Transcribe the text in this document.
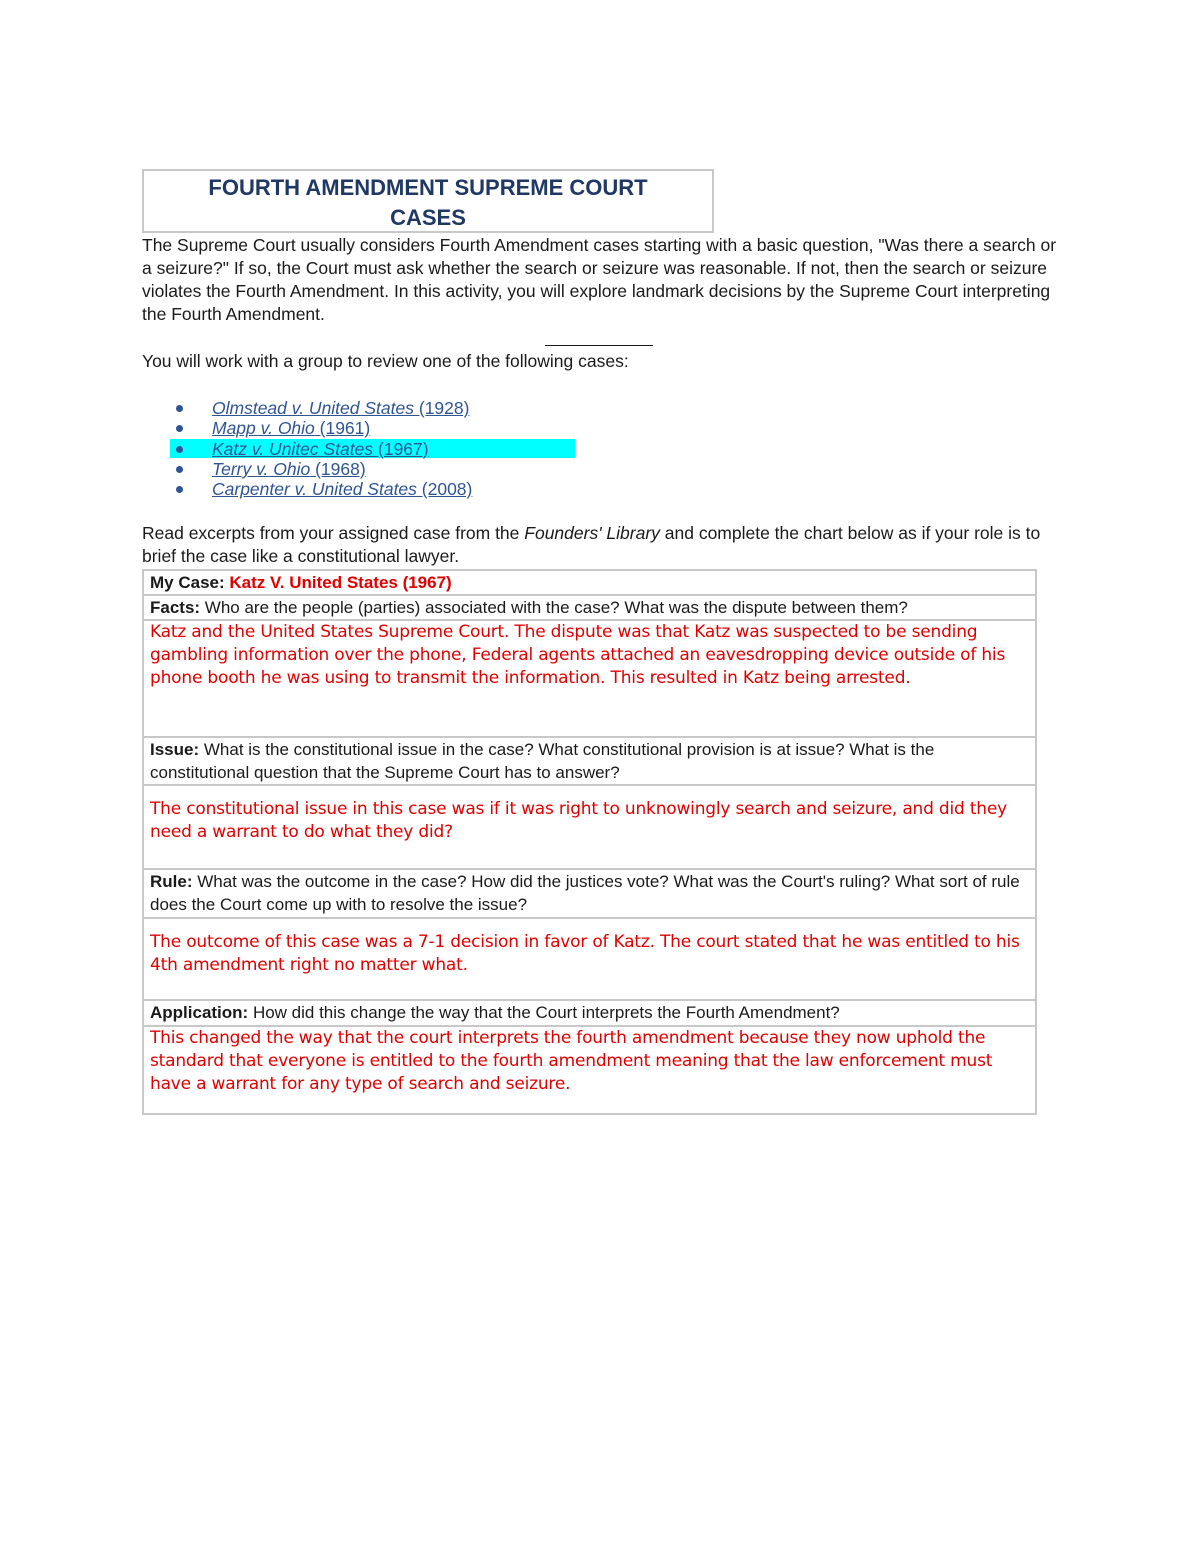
FOURTH AMENDMENT SUPREME COURT
CASES

The Supreme Court usually considers Fourth Amendment cases starting with a basic question, "Was there a search or a seizure?" If so, the Court must ask whether the search or seizure was reasonable. If not, then the search or seizure violates the Fourth Amendment. In this activity, you will explore landmark decisions by the Supreme Court interpreting the Fourth Amendment.

You will work with a group to review one of the following cases:

Olmstead v. United States (1928)
Mapp v. Ohio (1961)
Katz v. Unitec States (1967)
Terry v. Ohio (1968)
Carpenter v. United States (2008)

Read excerpts from your assigned case from the Founders' Library and complete the chart below as if your role is to brief the case like a constitutional lawyer.

My Case: Katz V. United States (1967)
Facts: Who are the people (parties) associated with the case? What was the dispute between them?
Katz and the United States Supreme Court. The dispute was that Katz was suspected to be sending gambling information over the phone, Federal agents attached an eavesdropping device outside of his phone booth he was using to transmit the information. This resulted in Katz being arrested.
Issue: What is the constitutional issue in the case? What constitutional provision is at issue? What is the constitutional question that the Supreme Court has to answer?
The constitutional issue in this case was if it was right to unknowingly search and seizure, and did they need a warrant to do what they did?
Rule: What was the outcome in the case? How did the justices vote? What was the Court's ruling? What sort of rule does the Court come up with to resolve the issue?
The outcome of this case was a 7-1 decision in favor of Katz. The court stated that he was entitled to his 4th amendment right no matter what.
Application: How did this change the way that the Court interprets the Fourth Amendment?
This changed the way that the court interprets the fourth amendment because they now uphold the standard that everyone is entitled to the fourth amendment meaning that the law enforcement must have a warrant for any type of search and seizure.
